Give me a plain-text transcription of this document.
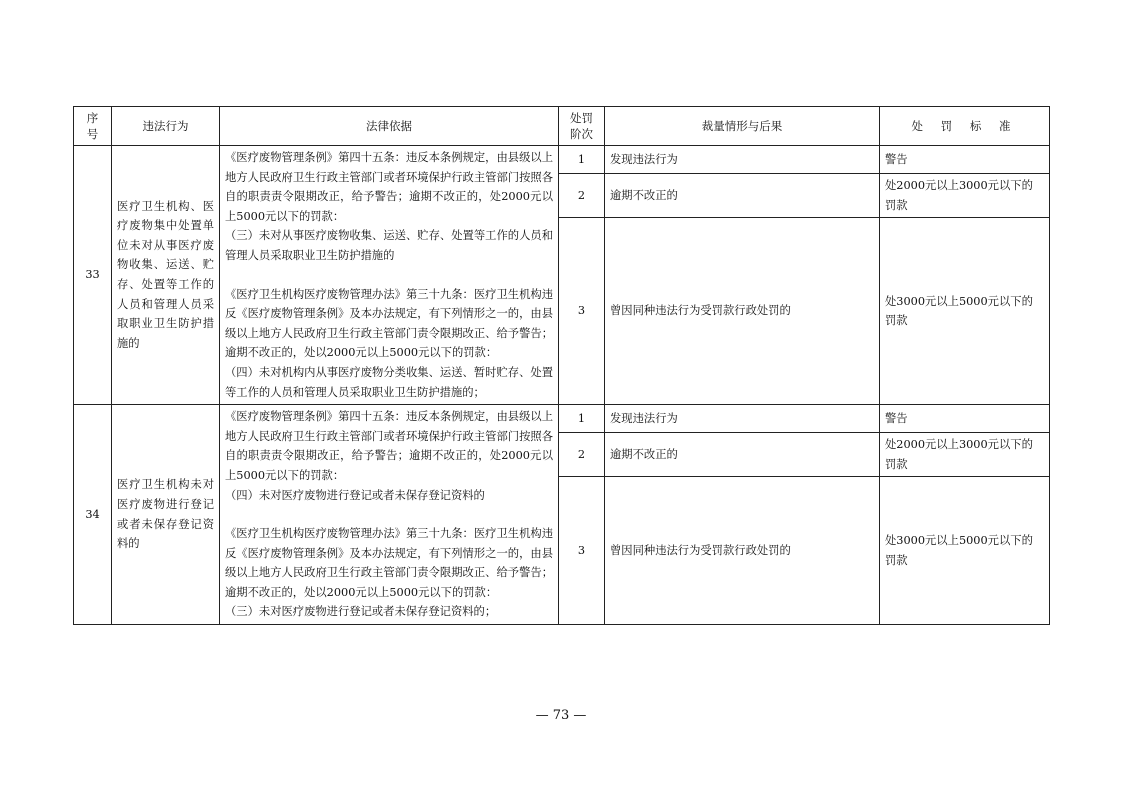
序号	违法行为	法律依据	处罚阶次	裁量情形与后果	处 罚 标 准
33	医疗卫生机构、医疗废物集中处置单位未对从事医疗废物收集、运送、贮存、处置等工作的人员和管理人员采取职业卫生防护措施的	《医疗废物管理条例》第四十五条：违反本条例规定，由县级以上地方人民政府卫生行政主管部门或者环境保护行政主管部门按照各自的职责责令限期改正，给予警告；逾期不改正的，处2000元以上5000元以下的罚款：

（三）未对从事医疗废物收集、运送、贮存、处置等工作的人员和管理人员采取职业卫生防护措施的

《医疗卫生机构医疗废物管理办法》第三十九条：医疗卫生机构违反《医疗废物管理条例》及本办法规定，有下列情形之一的，由县级以上地方人民政府卫生行政主管部门责令限期改正、给予警告；逾期不改正的，处以2000元以上5000元以下的罚款：

（四）未对机构内从事医疗废物分类收集、运送、暂时贮存、处置等工作的人员和管理人员采取职业卫生防护措施的；	1	发现违法行为	警告
			2	逾期不改正的	处2000元以上3000元以下的罚款
			3	曾因同种违法行为受罚款行政处罚的	处3000元以上5000元以下的罚款
34	医疗卫生机构未对医疗废物进行登记或者未保存登记资料的	《医疗废物管理条例》第四十五条：违反本条例规定，由县级以上地方人民政府卫生行政主管部门或者环境保护行政主管部门按照各自的职责责令限期改正，给予警告；逾期不改正的，处2000元以上5000元以下的罚款：

（四）未对医疗废物进行登记或者未保存登记资料的

《医疗卫生机构医疗废物管理办法》第三十九条：医疗卫生机构违反《医疗废物管理条例》及本办法规定，有下列情形之一的，由县级以上地方人民政府卫生行政主管部门责令限期改正、给予警告；逾期不改正的，处以2000元以上5000元以下的罚款：

（三）未对医疗废物进行登记或者未保存登记资料的；	1	发现违法行为	警告
			2	逾期不改正的	处2000元以上3000元以下的罚款
			3	曾因同种违法行为受罚款行政处罚的	处3000元以上5000元以下的罚款
— 73 —
